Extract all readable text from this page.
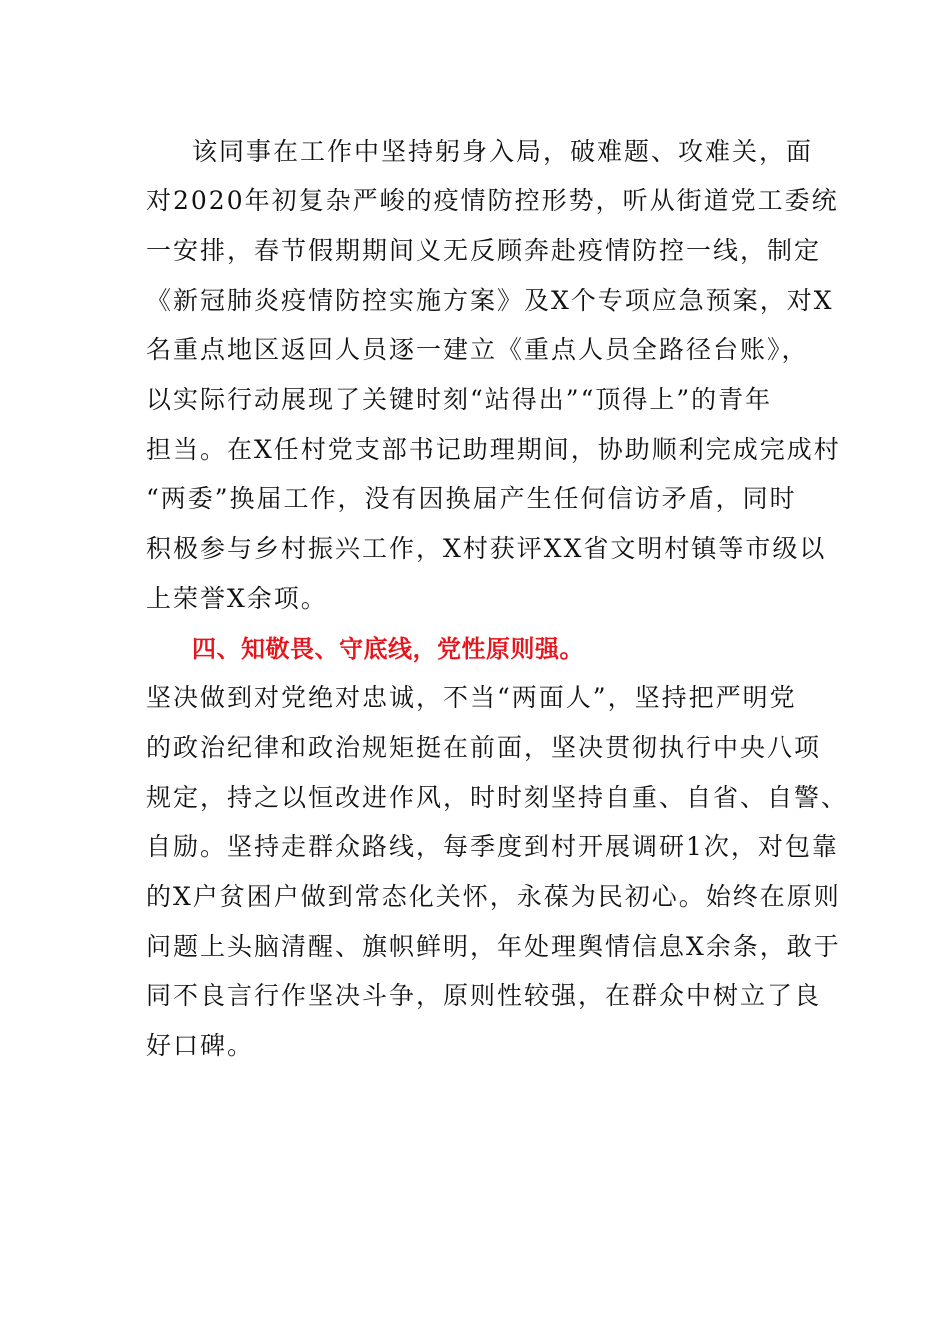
该同事在工作中坚持躬身入局，破难题、攻难关，面
对2020年初复杂严峻的疫情防控形势，听从街道党工委统
一安排，春节假期期间义无反顾奔赴疫情防控一线，制定
《新冠肺炎疫情防控实施方案》及X个专项应急预案，对X
名重点地区返回人员逐一建立《重点人员全路径台账》，
以实际行动展现了关键时刻“站得出”“顶得上”的青年
担当。在X任村党支部书记助理期间，协助顺利完成完成村
“两委”换届工作，没有因换届产生任何信访矛盾，同时
积极参与乡村振兴工作，X村获评XX省文明村镇等市级以
上荣誉X余项。
四、知敬畏、守底线，党性原则强。
坚决做到对党绝对忠诚，不当“两面人”，坚持把严明党
的政治纪律和政治规矩挺在前面，坚决贯彻执行中央八项
规定，持之以恒改进作风，时时刻坚持自重、自省、自警、
自励。坚持走群众路线，每季度到村开展调研1次，对包靠
的X户贫困户做到常态化关怀，永葆为民初心。始终在原则
问题上头脑清醒、旗帜鲜明，年处理舆情信息X余条，敢于
同不良言行作坚决斗争，原则性较强，在群众中树立了良
好口碑。
